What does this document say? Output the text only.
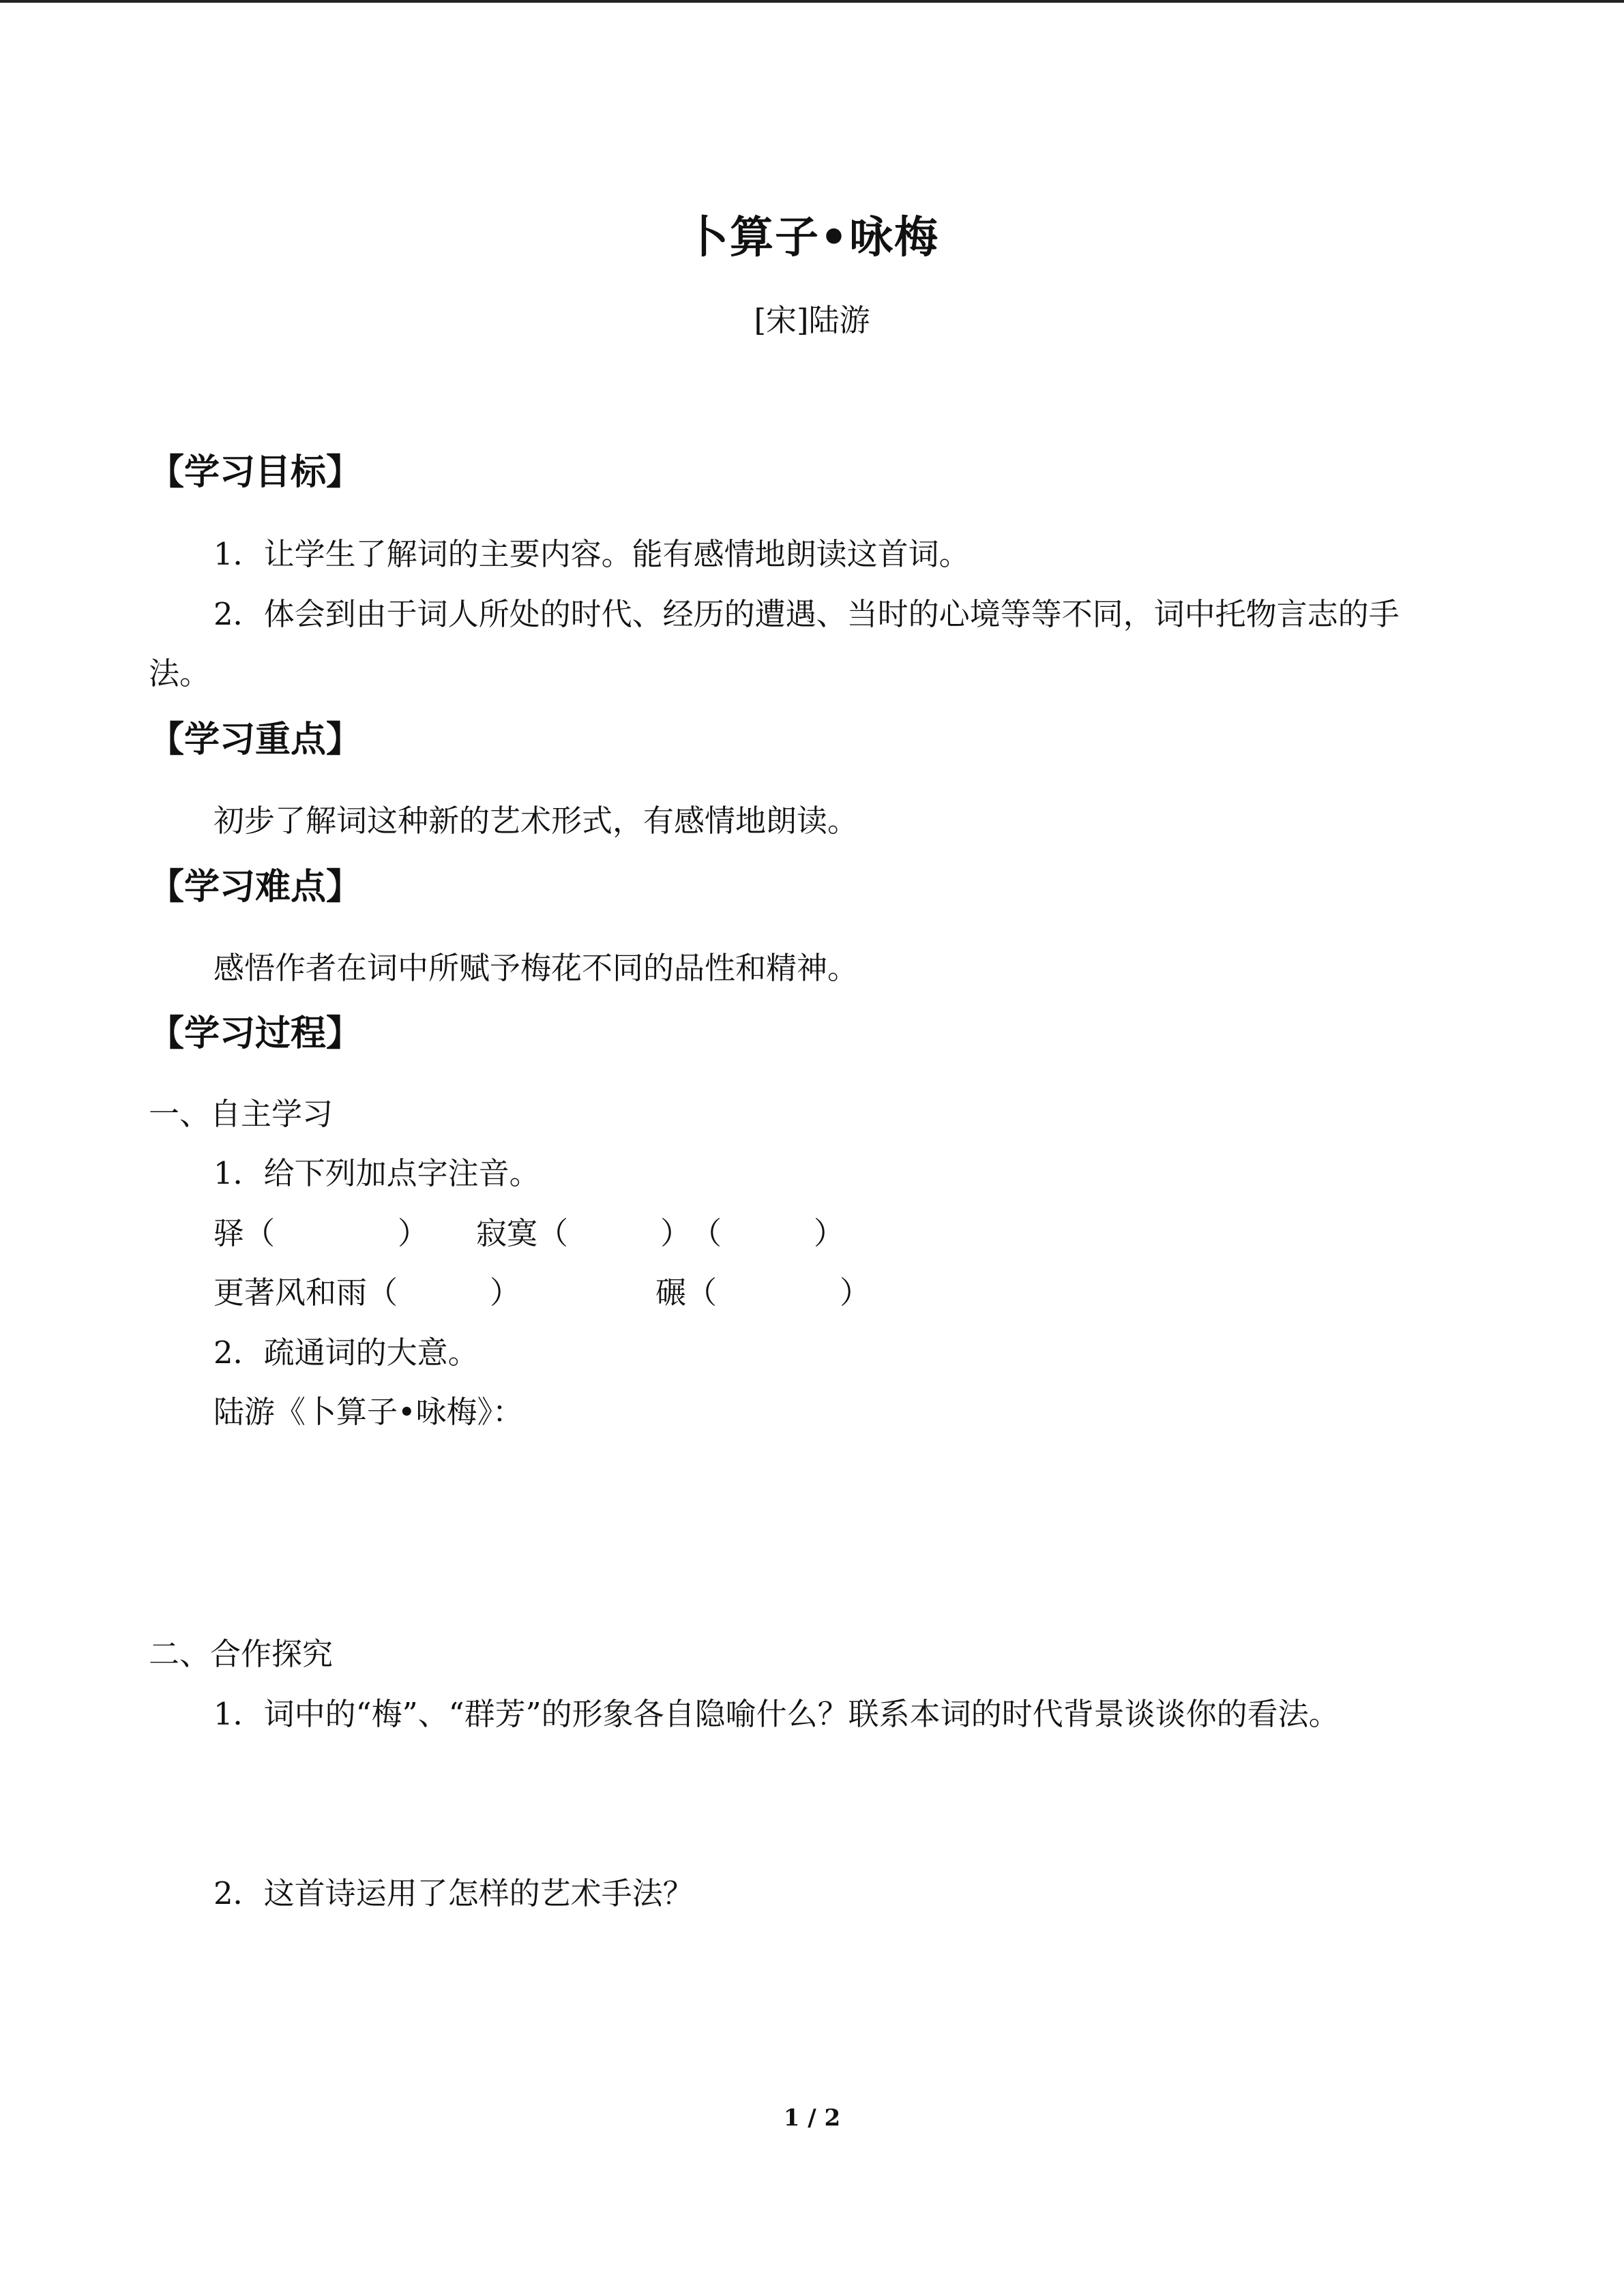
卜算子•咏梅
[宋]陆游
【学习目标】
1．让学生了解词的主要内容。能有感情地朗读这首词。
2．体会到由于词人所处的时代、经历的遭遇、当时的心境等等不同，词中托物言志的手
法。
【学习重点】
初步了解词这种新的艺术形式，有感情地朗读。
【学习难点】
感悟作者在词中所赋予梅花不同的品性和精神。
【学习过程】
一、自主学习
1．给下列加点字注音。
驿 （　　　　） 寂寞 （　　　） （　　　）
更著风和雨 （　　　）	碾 （　　　　）
2．疏通词的大意。
陆游《卜算子•咏梅》：
二、合作探究
1．词中的“梅”、“群芳”的形象各自隐喻什么？联系本词的时代背景谈谈你的看法。
2．这首诗运用了怎样的艺术手法？
1 / 2
